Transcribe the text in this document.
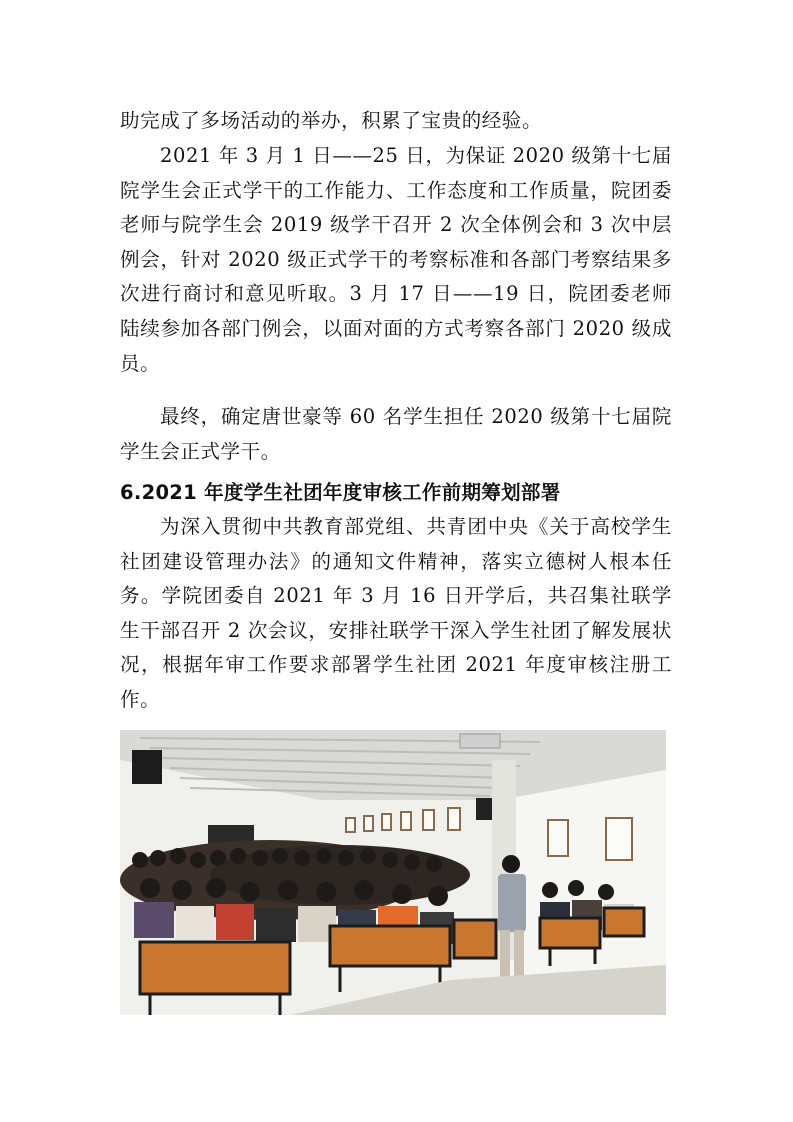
助完成了多场活动的举办，积累了宝贵的经验。

2021 年 3 月 1 日——25 日，为保证 2020 级第十七届院学生会正式学干的工作能力、工作态度和工作质量，院团委老师与院学生会 2019 级学干召开 2 次全体例会和 3 次中层例会，针对 2020 级正式学干的考察标准和各部门考察结果多次进行商讨和意见听取。3 月 17 日——19 日，院团委老师陆续参加各部门例会，以面对面的方式考察各部门 2020 级成员。

最终，确定唐世豪等 60 名学生担任 2020 级第十七届院学生会正式学干。

6.2021 年度学生社团年度审核工作前期筹划部署

为深入贯彻中共教育部党组、共青团中央《关于高校学生社团建设管理办法》的通知文件精神，落实立德树人根本任务。学院团委自 2021 年 3 月 16 日开学后，共召集社联学生干部召开 2 次会议，安排社联学干深入学生社团了解发展状况，根据年审工作要求部署学生社团 2021 年度审核注册工作。
